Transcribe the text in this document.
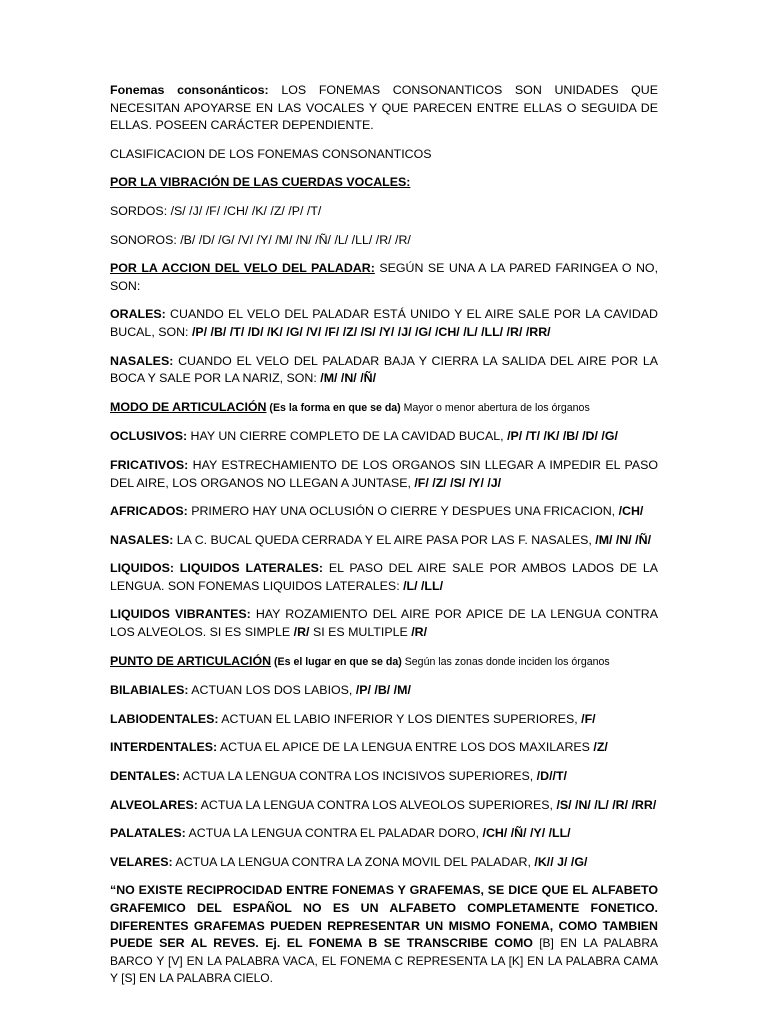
Fonemas consonánticos: LOS FONEMAS CONSONANTICOS SON UNIDADES QUE NECESITAN APOYARSE EN LAS VOCALES Y QUE PARECEN ENTRE ELLAS O SEGUIDA DE ELLAS. POSEEN CARÁCTER DEPENDIENTE.

CLASIFICACION DE LOS FONEMAS CONSONANTICOS

POR LA VIBRACIÓN DE LAS CUERDAS VOCALES:

SORDOS: /S/ /J/ /F/ /CH/ /K/ /Z/ /P/ /T/

SONOROS: /B/ /D/ /G/ /V/ /Y/ /M/ /N/ /Ñ/ /L/ /LL/ /R/ /R/

POR LA ACCION DEL VELO DEL PALADAR: SEGÚN SE UNA A LA PARED FARINGEA O NO, SON:

ORALES: CUANDO EL VELO DEL PALADAR ESTÁ UNIDO Y EL AIRE SALE POR LA CAVIDAD BUCAL, SON: /P/ /B/ /T/ /D/ /K/ /G/ /V/ /F/ /Z/ /S/ /Y/ /J/ /G/ /CH/ /L/ /LL/ /R/ /RR/

NASALES: CUANDO EL VELO DEL PALADAR BAJA Y CIERRA LA SALIDA DEL AIRE POR LA BOCA Y SALE POR LA NARIZ, SON: /M/ /N/ /Ñ/

MODO DE ARTICULACIÓN (Es la forma en que se da) Mayor o menor abertura de los órganos

OCLUSIVOS: HAY UN CIERRE COMPLETO DE LA CAVIDAD BUCAL, /P/ /T/ /K/ /B/ /D/ /G/

FRICATIVOS: HAY ESTRECHAMIENTO DE LOS ORGANOS SIN LLEGAR A IMPEDIR EL PASO DEL AIRE, LOS ORGANOS NO LLEGAN A JUNTASE, /F/ /Z/ /S/ /Y/ /J/

AFRICADOS: PRIMERO HAY UNA OCLUSIÓN O CIERRE Y DESPUES UNA FRICACION, /CH/

NASALES: LA C. BUCAL QUEDA CERRADA Y EL AIRE PASA POR LAS F. NASALES, /M/ /N/ /Ñ/

LIQUIDOS: LIQUIDOS LATERALES: EL PASO DEL AIRE SALE POR AMBOS LADOS DE LA LENGUA. SON FONEMAS LIQUIDOS LATERALES: /L/ /LL/

LIQUIDOS VIBRANTES: HAY ROZAMIENTO DEL AIRE POR APICE DE LA LENGUA CONTRA LOS ALVEOLOS. SI ES SIMPLE /R/ SI ES MULTIPLE /R/

PUNTO DE ARTICULACIÓN (Es el lugar en que se da) Según las zonas donde inciden los órganos

BILABIALES: ACTUAN LOS DOS LABIOS, /P/ /B/ /M/

LABIODENTALES: ACTUAN EL LABIO INFERIOR Y LOS DIENTES SUPERIORES, /F/

INTERDENTALES: ACTUA EL APICE DE LA LENGUA ENTRE LOS DOS MAXILARES /Z/

DENTALES: ACTUA LA LENGUA CONTRA LOS INCISIVOS SUPERIORES, /D//T/

ALVEOLARES: ACTUA LA LENGUA CONTRA LOS ALVEOLOS SUPERIORES, /S/ /N/ /L/ /R/ /RR/

PALATALES: ACTUA LA LENGUA CONTRA EL PALADAR DORO, /CH/ /Ñ/ /Y/ /LL/

VELARES: ACTUA LA LENGUA CONTRA LA ZONA MOVIL DEL PALADAR, /K// J/ /G/

“NO EXISTE RECIPROCIDAD ENTRE FONEMAS Y GRAFEMAS, SE DICE QUE EL ALFABETO GRAFEMICO DEL ESPAÑOL NO ES UN ALFABETO COMPLETAMENTE FONETICO. DIFERENTES GRAFEMAS PUEDEN REPRESENTAR UN MISMO FONEMA, COMO TAMBIEN PUEDE SER AL REVES. Ej. EL FONEMA B SE TRANSCRIBE COMO [B] EN LA PALABRA BARCO Y [V] EN LA PALABRA VACA, EL FONEMA C REPRESENTA LA [K] EN LA PALABRA CAMA Y [S] EN LA PALABRA CIELO.
